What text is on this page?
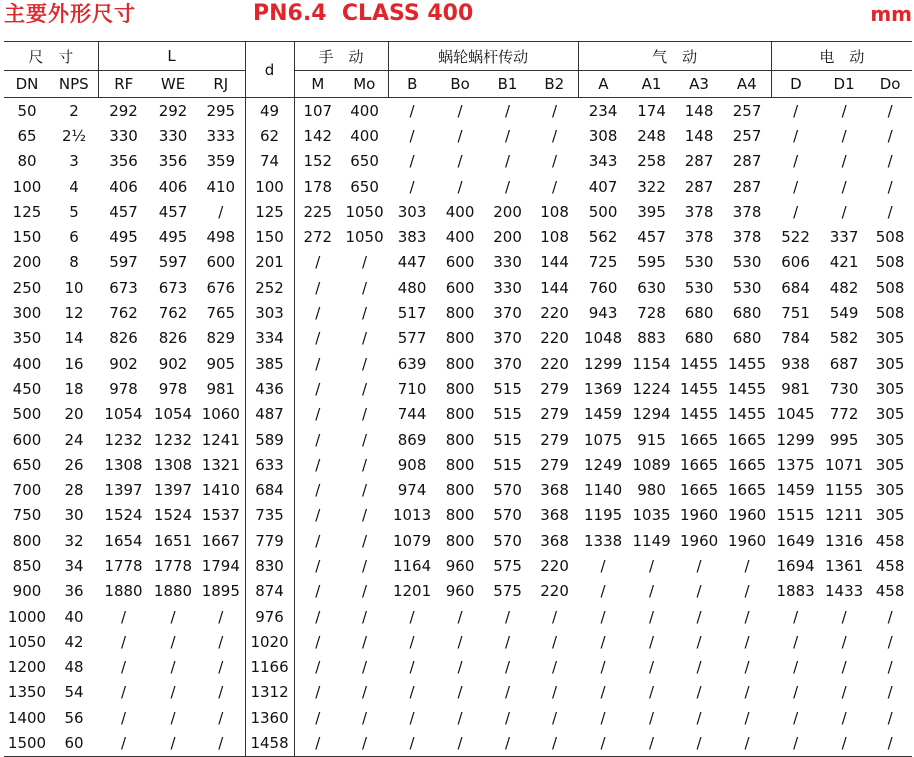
主要外形尺寸	PN6.4  CLASS 400	mm
尺　寸		L			d	手　动		蜗轮蜗杆传动				气　动				电　动		
DN	NPS	RF	WE	RJ		M	Mo	B	Bo	B1	B2	A	A1	A3	A4	D	D1	Do
50	2	292	292	295	49	107	400	/	/	/	/	234	174	148	257	/	/	/
65	2½	330	330	333	62	142	400	/	/	/	/	308	248	148	257	/	/	/
80	3	356	356	359	74	152	650	/	/	/	/	343	258	287	287	/	/	/
100	4	406	406	410	100	178	650	/	/	/	/	407	322	287	287	/	/	/
125	5	457	457	/	125	225	1050	303	400	200	108	500	395	378	378	/	/	/
150	6	495	495	498	150	272	1050	383	400	200	108	562	457	378	378	522	337	508
200	8	597	597	600	201	/	/	447	600	330	144	725	595	530	530	606	421	508
250	10	673	673	676	252	/	/	480	600	330	144	760	630	530	530	684	482	508
300	12	762	762	765	303	/	/	517	800	370	220	943	728	680	680	751	549	508
350	14	826	826	829	334	/	/	577	800	370	220	1048	883	680	680	784	582	305
400	16	902	902	905	385	/	/	639	800	370	220	1299	1154	1455	1455	938	687	305
450	18	978	978	981	436	/	/	710	800	515	279	1369	1224	1455	1455	981	730	305
500	20	1054	1054	1060	487	/	/	744	800	515	279	1459	1294	1455	1455	1045	772	305
600	24	1232	1232	1241	589	/	/	869	800	515	279	1075	915	1665	1665	1299	995	305
650	26	1308	1308	1321	633	/	/	908	800	515	279	1249	1089	1665	1665	1375	1071	305
700	28	1397	1397	1410	684	/	/	974	800	570	368	1140	980	1665	1665	1459	1155	305
750	30	1524	1524	1537	735	/	/	1013	800	570	368	1195	1035	1960	1960	1515	1211	305
800	32	1654	1651	1667	779	/	/	1079	800	570	368	1338	1149	1960	1960	1649	1316	458
850	34	1778	1778	1794	830	/	/	1164	960	575	220	/	/	/	/	1694	1361	458
900	36	1880	1880	1895	874	/	/	1201	960	575	220	/	/	/	/	1883	1433	458
1000	40	/	/	/	976	/	/	/	/	/	/	/	/	/	/	/	/	/
1050	42	/	/	/	1020	/	/	/	/	/	/	/	/	/	/	/	/	/
1200	48	/	/	/	1166	/	/	/	/	/	/	/	/	/	/	/	/	/
1350	54	/	/	/	1312	/	/	/	/	/	/	/	/	/	/	/	/	/
1400	56	/	/	/	1360	/	/	/	/	/	/	/	/	/	/	/	/	/
1500	60	/	/	/	1458	/	/	/	/	/	/	/	/	/	/	/	/	/
